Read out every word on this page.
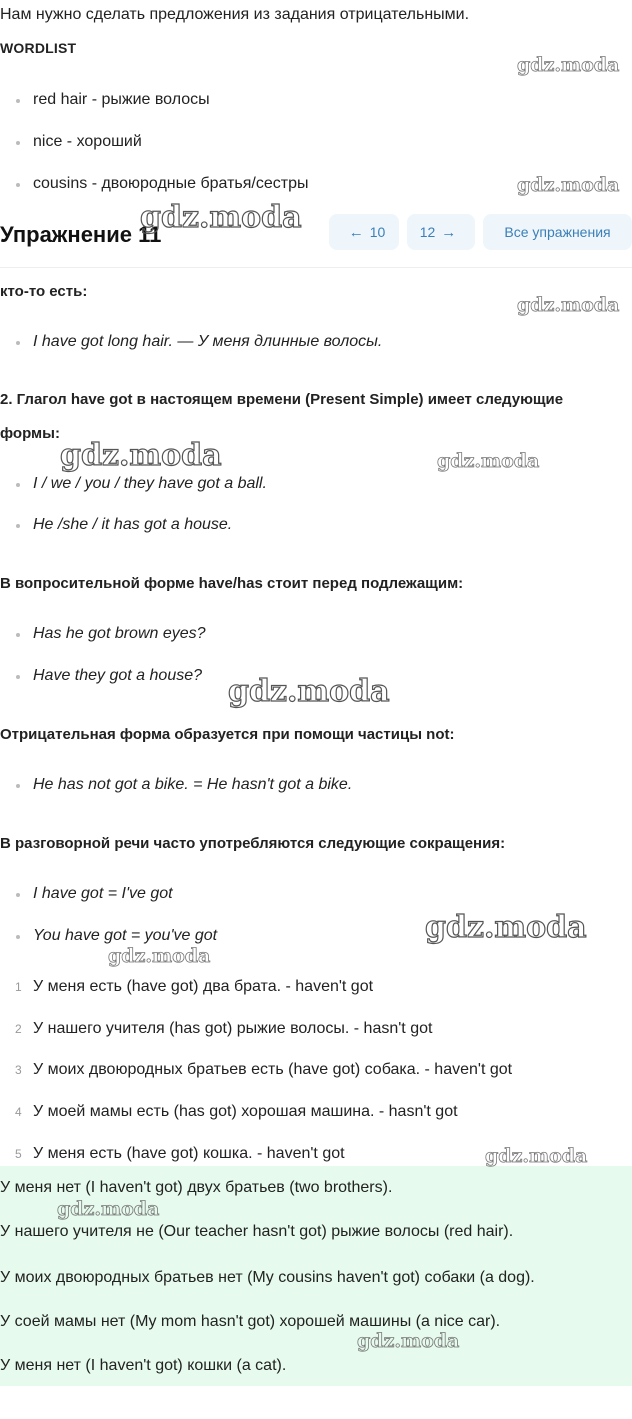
Нам нужно сделать предложения из задания отрицательными.
WORDLIST
red hair - рыжие волосы
nice - хороший
cousins - двоюродные братья/сестры
Упражнение 11	← 10 12 →	Все упражнения
кто-то есть:
I have got long hair. — У меня длинные волосы.
2. Глагол have got в настоящем времени (Present Simple) имеет следующие
формы:
I / we / you / they have got a ball.
He /she / it has got a house.
В вопросительной форме have/has стоит перед подлежащим:
Has he got brown eyes?
Have they got a house?
Отрицательная форма образуется при помощи частицы not:
He has not got a bike. = He hasn't got a bike.
В разговорной речи часто употребляются следующие сокращения:
I have got = I've got
You have got = you've got
1 У меня есть (have got) два брата. - haven't got
2 У нашего учителя (has got) рыжие волосы. - hasn't got
3 У моих двоюродных братьев есть (have got) собака. - haven't got
4 У моей мамы есть (has got) хорошая машина. - hasn't got
5 У меня есть (have got) кошка. - haven't got
У меня нет (I haven't got) двух братьев (two brothers).
У нашего учителя не (Our teacher hasn't got) рыжие волосы (red hair).
У моих двоюродных братьев нет (My cousins haven't got) собаки (a dog).
У соей мамы нет (My mom hasn't got) хорошей машины (a nice car).
У меня нет (I haven't got) кошки (a cat).
gdz.moda
gdz.moda
gdz.moda
gdz.moda	gdz.moda
gdz.moda
gdz.moda
gdz.moda
gdz.moda
